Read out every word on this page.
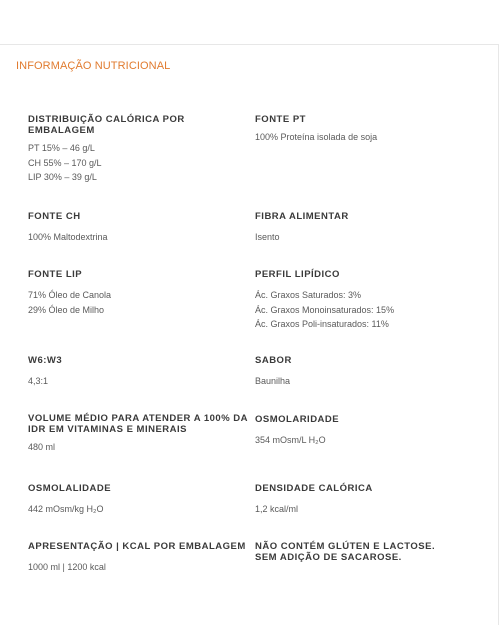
INFORMAÇÃO NUTRICIONAL
DISTRIBUIÇÃO CALÓRICA POR EMBALAGEM
PT 15% – 46 g/L
CH 55% – 170 g/L
LIP 30% – 39 g/L
FONTE PT
100% Proteína isolada de soja
FONTE CH
100% Maltodextrina
FIBRA ALIMENTAR
Isento
FONTE LIP
71% Óleo de Canola
29% Óleo de Milho
PERFIL LIPÍDICO
Ác. Graxos Saturados: 3%
Ác. Graxos Monoinsaturados: 15%
Ác. Graxos Poli-insaturados: 11%
W6:W3
4,3:1
SABOR
Baunilha
VOLUME MÉDIO PARA ATENDER A 100% DA IDR EM VITAMINAS E MINERAIS
480 ml
OSMOLARIDADE
354 mOsm/L H₂O
OSMOLALIDADE
442 mOsm/kg H₂O
DENSIDADE CALÓRICA
1,2 kcal/ml
APRESENTAÇÃO | KCAL POR EMBALAGEM
1000 ml | 1200 kcal
NÃO CONTÉM GLÚTEN E LACTOSE. SEM ADIÇÃO DE SACAROSE.
